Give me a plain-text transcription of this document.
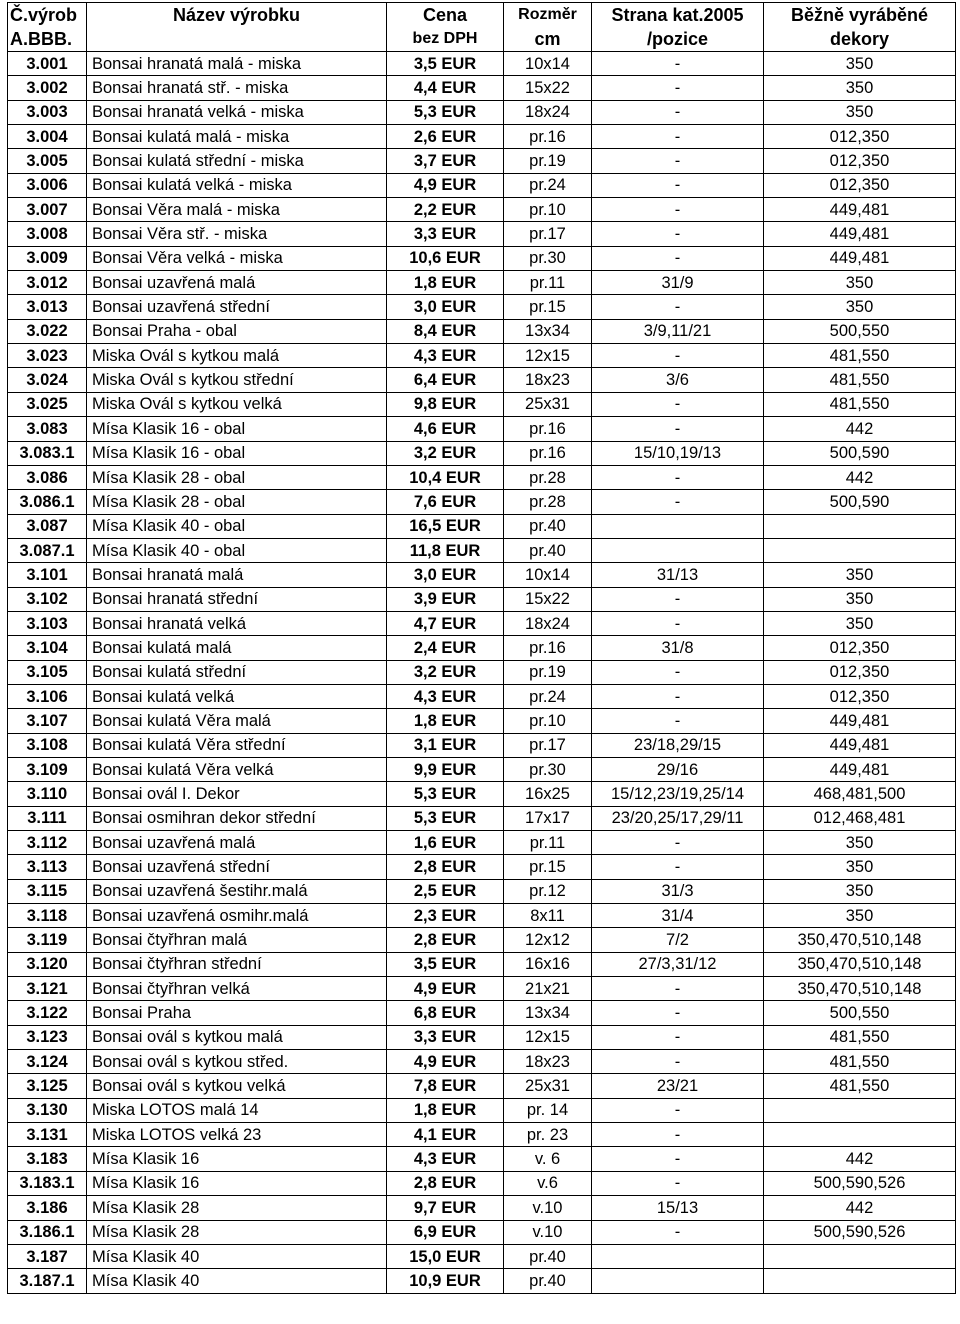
Č.výrob	Název výrobku	Cena	Rozměr	Strana kat.2005	Běžně vyráběné
A.BBB.		bez DPH	cm	/pozice	dekory
3.001	Bonsai hranatá malá - miska	3,5 EUR	10x14	-	350
3.002	Bonsai hranatá stř. - miska	4,4 EUR	15x22	-	350
3.003	Bonsai hranatá velká - miska	5,3 EUR	18x24	-	350
3.004	Bonsai kulatá malá - miska	2,6 EUR	pr.16	-	012,350
3.005	Bonsai kulatá střední - miska	3,7 EUR	pr.19	-	012,350
3.006	Bonsai kulatá velká - miska	4,9 EUR	pr.24	-	012,350
3.007	Bonsai Věra malá - miska	2,2 EUR	pr.10	-	449,481
3.008	Bonsai Věra stř. - miska	3,3 EUR	pr.17	-	449,481
3.009	Bonsai Věra velká - miska	10,6 EUR	pr.30	-	449,481
3.012	Bonsai uzavřená malá	1,8 EUR	pr.11	31/9	350
3.013	Bonsai uzavřená střední	3,0 EUR	pr.15	-	350
3.022	Bonsai Praha - obal	8,4 EUR	13x34	3/9,11/21	500,550
3.023	Miska Ovál s kytkou malá	4,3 EUR	12x15	-	481,550
3.024	Miska Ovál s kytkou střední	6,4 EUR	18x23	3/6	481,550
3.025	Miska Ovál s kytkou velká	9,8 EUR	25x31	-	481,550
3.083	Mísa Klasik 16 - obal	4,6 EUR	pr.16	-	442
3.083.1	Mísa Klasik 16 - obal	3,2 EUR	pr.16	15/10,19/13	500,590
3.086	Mísa Klasik 28 - obal	10,4 EUR	pr.28	-	442
3.086.1	Mísa Klasik 28 - obal	7,6 EUR	pr.28	-	500,590
3.087	Mísa Klasik 40 - obal	16,5 EUR	pr.40		
3.087.1	Mísa Klasik 40 - obal	11,8 EUR	pr.40		
3.101	Bonsai hranatá malá	3,0 EUR	10x14	31/13	350
3.102	Bonsai hranatá střední	3,9 EUR	15x22	-	350
3.103	Bonsai hranatá velká	4,7 EUR	18x24	-	350
3.104	Bonsai kulatá malá	2,4 EUR	pr.16	31/8	012,350
3.105	Bonsai kulatá střední	3,2 EUR	pr.19	-	012,350
3.106	Bonsai kulatá velká	4,3 EUR	pr.24	-	012,350
3.107	Bonsai kulatá Věra malá	1,8 EUR	pr.10	-	449,481
3.108	Bonsai kulatá Věra střední	3,1 EUR	pr.17	23/18,29/15	449,481
3.109	Bonsai kulatá Věra velká	9,9 EUR	pr.30	29/16	449,481
3.110	Bonsai ovál I. Dekor	5,3 EUR	16x25	15/12,23/19,25/14	468,481,500
3.111	Bonsai osmihran dekor střední	5,3 EUR	17x17	23/20,25/17,29/11	012,468,481
3.112	Bonsai uzavřená malá	1,6 EUR	pr.11	-	350
3.113	Bonsai uzavřená střední	2,8 EUR	pr.15	-	350
3.115	Bonsai uzavřená šestihr.malá	2,5 EUR	pr.12	31/3	350
3.118	Bonsai uzavřená osmihr.malá	2,3 EUR	8x11	31/4	350
3.119	Bonsai čtyřhran malá	2,8 EUR	12x12	7/2	350,470,510,148
3.120	Bonsai čtyřhran střední	3,5 EUR	16x16	27/3,31/12	350,470,510,148
3.121	Bonsai čtyřhran velká	4,9 EUR	21x21	-	350,470,510,148
3.122	Bonsai Praha	6,8 EUR	13x34	-	500,550
3.123	Bonsai ovál s kytkou malá	3,3 EUR	12x15	-	481,550
3.124	Bonsai ovál s kytkou střed.	4,9 EUR	18x23	-	481,550
3.125	Bonsai ovál s kytkou velká	7,8 EUR	25x31	23/21	481,550
3.130	Miska LOTOS malá 14	1,8 EUR	pr. 14	-	
3.131	Miska LOTOS velká 23	4,1 EUR	pr. 23	-	
3.183	Mísa Klasik 16	4,3 EUR	v. 6	-	442
3.183.1	Mísa Klasik 16	2,8 EUR	v.6	-	500,590,526
3.186	Mísa Klasik 28	9,7 EUR	v.10	15/13	442
3.186.1	Mísa Klasik 28	6,9 EUR	v.10	-	500,590,526
3.187	Mísa Klasik 40	15,0 EUR	pr.40		
3.187.1	Mísa Klasik 40	10,9 EUR	pr.40		
